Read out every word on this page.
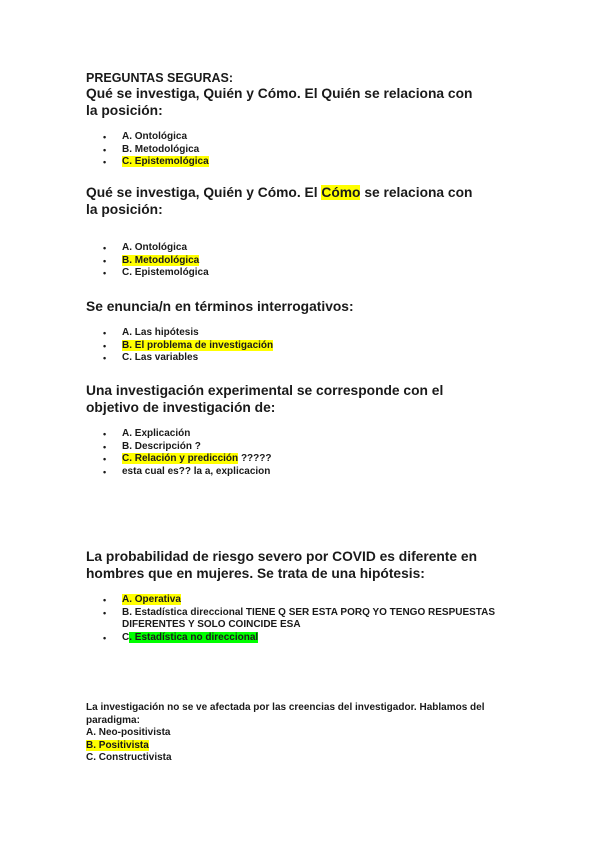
PREGUNTAS SEGURAS:

Qué se investiga, Quién y Cómo. El Quién se relaciona con la posición:

• A. Ontológica
• B. Metodológica
• C. Epistemológica

Qué se investiga, Quién y Cómo. El Cómo se relaciona con la posición:

• A. Ontológica
• B. Metodológica
• C. Epistemológica

Se enuncia/n en términos interrogativos:

• A. Las hipótesis
• B. El problema de investigación
• C. Las variables

Una investigación experimental se corresponde con el objetivo de investigación de:

• A. Explicación
• B. Descripción ?
• C. Relación y predicción ?????
• esta cual es?? la a, explicacion

La probabilidad de riesgo severo por COVID es diferente en hombres que en mujeres. Se trata de una hipótesis:

• A. Operativa
• B. Estadística direccional TIENE Q SER ESTA PORQ YO TENGO RESPUESTAS DIFERENTES Y SOLO COINCIDE ESA
• C. Estadística no direccional

La investigación no se ve afectada por las creencias del investigador. Hablamos del paradigma:

A. Neo-positivista

B. Positivista

C. Constructivista
